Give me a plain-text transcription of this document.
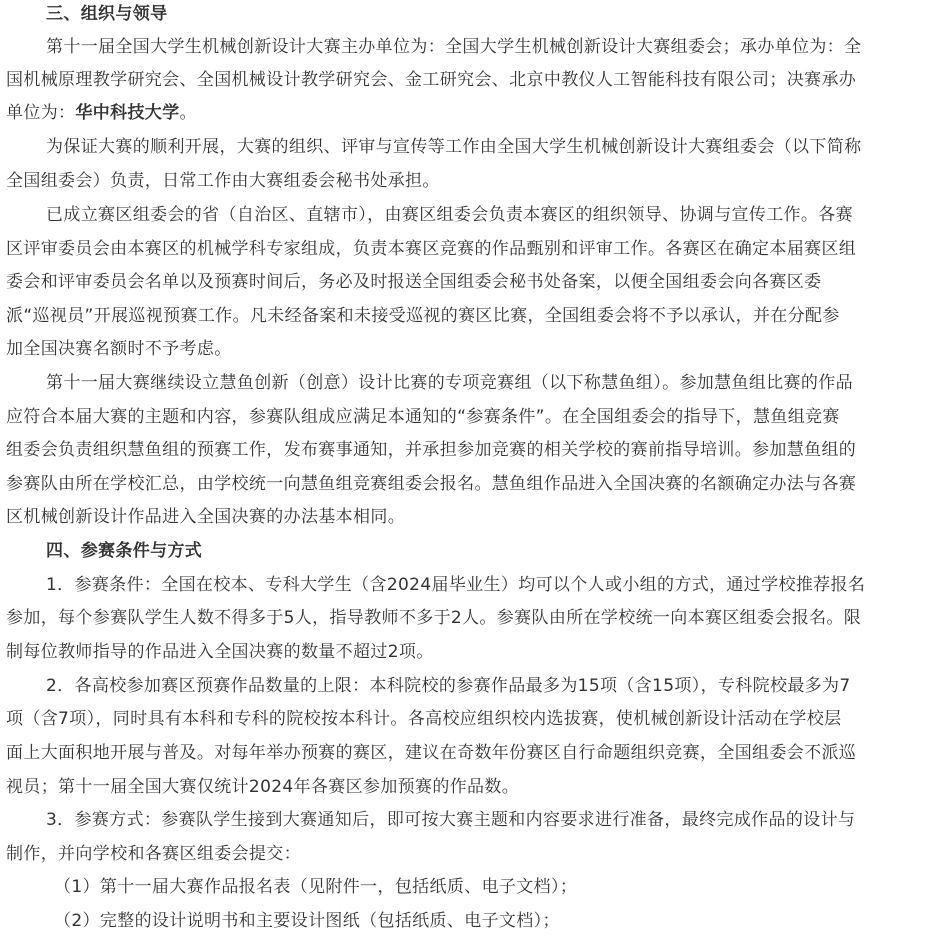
三、组织与领导
第十一届全国大学生机械创新设计大赛主办单位为：全国大学生机械创新设计大赛组委会；承办单位为：全
国机械原理教学研究会、全国机械设计教学研究会、金工研究会、北京中教仪人工智能科技有限公司；决赛承办
单位为：华中科技大学。
为保证大赛的顺利开展，大赛的组织、评审与宣传等工作由全国大学生机械创新设计大赛组委会（以下简称
全国组委会）负责，日常工作由大赛组委会秘书处承担。
已成立赛区组委会的省（自治区、直辖市），由赛区组委会负责本赛区的组织领导、协调与宣传工作。各赛
区评审委员会由本赛区的机械学科专家组成，负责本赛区竞赛的作品甄别和评审工作。各赛区在确定本届赛区组
委会和评审委员会名单以及预赛时间后，务必及时报送全国组委会秘书处备案，以便全国组委会向各赛区委
派“巡视员”开展巡视预赛工作。凡未经备案和未接受巡视的赛区比赛，全国组委会将不予以承认，并在分配参
加全国决赛名额时不予考虑。
第十一届大赛继续设立慧鱼创新（创意）设计比赛的专项竞赛组（以下称慧鱼组）。参加慧鱼组比赛的作品
应符合本届大赛的主题和内容，参赛队组成应满足本通知的“参赛条件”。在全国组委会的指导下，慧鱼组竞赛
组委会负责组织慧鱼组的预赛工作，发布赛事通知，并承担参加竞赛的相关学校的赛前指导培训。参加慧鱼组的
参赛队由所在学校汇总，由学校统一向慧鱼组竞赛组委会报名。慧鱼组作品进入全国决赛的名额确定办法与各赛
区机械创新设计作品进入全国决赛的办法基本相同。
四、参赛条件与方式
1．参赛条件：全国在校本、专科大学生（含2024届毕业生）均可以个人或小组的方式，通过学校推荐报名
参加，每个参赛队学生人数不得多于5人，指导教师不多于2人。参赛队由所在学校统一向本赛区组委会报名。限
制每位教师指导的作品进入全国决赛的数量不超过2项。
2．各高校参加赛区预赛作品数量的上限：本科院校的参赛作品最多为15项（含15项），专科院校最多为7
项（含7项），同时具有本科和专科的院校按本科计。各高校应组织校内选拔赛，使机械创新设计活动在学校层
面上大面积地开展与普及。对每年举办预赛的赛区，建议在奇数年份赛区自行命题组织竞赛，全国组委会不派巡
视员；第十一届全国大赛仅统计2024年各赛区参加预赛的作品数。
3．参赛方式：参赛队学生接到大赛通知后，即可按大赛主题和内容要求进行准备，最终完成作品的设计与
制作，并向学校和各赛区组委会提交：
（1）第十一届大赛作品报名表（见附件一，包括纸质、电子文档）；
（2）完整的设计说明书和主要设计图纸（包括纸质、电子文档）；
